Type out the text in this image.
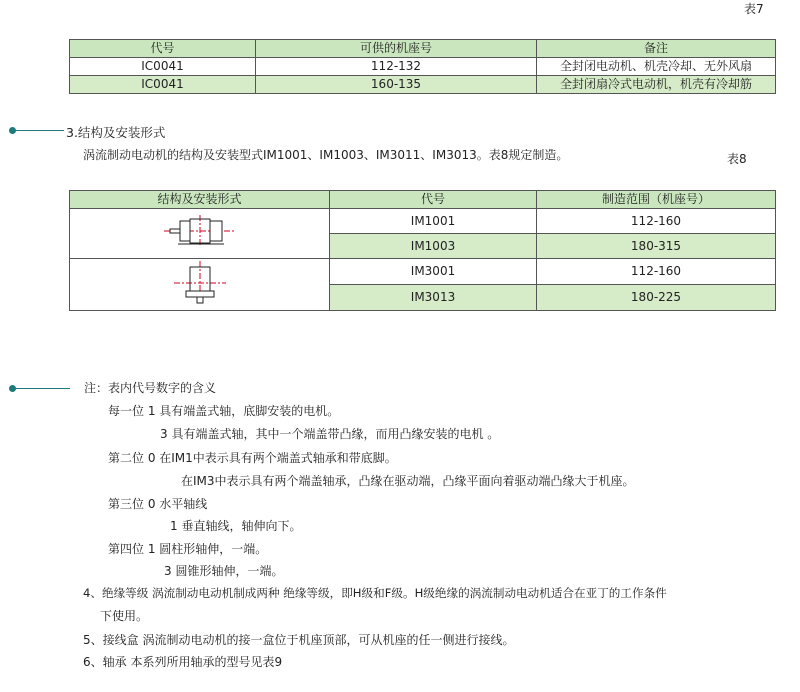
表7
代号	可供的机座号	备注
IC0041	112-132	全封闭电动机、机壳冷却、无外风扇
IC0041	160-135	全封闭扇冷式电动机，机壳有冷却筋
3.结构及安装形式
涡流制动电动机的结构及安装型式IM1001、IM1003、IM3011、IM3013。表8规定制造。	表8
结构及安装形式	代号	制造范围（机座号）
	IM1001	112-160
	IM1003	180-315
	IM3001	112-160
	IM3013	180-225
注：表内代号数字的含义
每一位 1 具有端盖式轴，底脚安装的电机。
3 具有端盖式轴，其中一个端盖带凸缘，而用凸缘安装的电机 。
第二位 0 在IM1中表示具有两个端盖式轴承和带底脚。
在IM3中表示具有两个端盖轴承，凸缘在驱动端，凸缘平面向着驱动端凸缘大于机座。
第三位 0 水平轴线
1 垂直轴线，轴伸向下。
第四位 1 圆柱形轴伸，一端。
3 圆锥形轴伸，一端。
4、绝缘等级 涡流制动电动机制成两种 绝缘等级，即H级和F级。H级绝缘的涡流制动电动机适合在亚丁的工作条件
下使用。
5、接线盒 涡流制动电动机的接一盒位于机座顶部，可从机座的任一侧进行接线。
6、轴承 本系列所用轴承的型号见表9
